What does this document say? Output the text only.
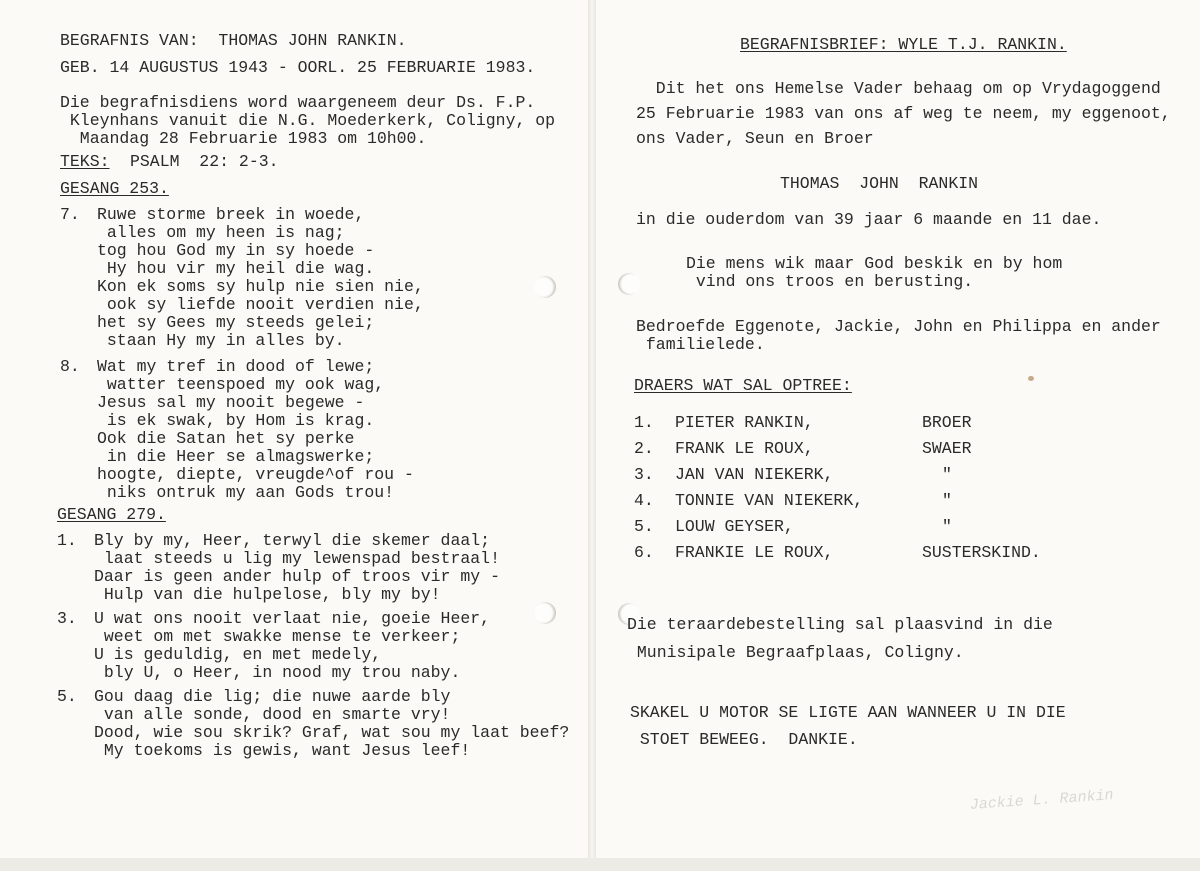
Jackie L. Rankin
BEGRAFNIS VAN:  THOMAS JOHN RANKIN.
GEB. 14 AUGUSTUS 1943 - OORL. 25 FEBRUARIE 1983.
Die begrafnisdiens word waargeneem deur Ds. F.P.
Kleynhans vanuit die N.G. Moederkerk, Coligny, op
Maandag 28 Februarie 1983 om 10h00.
TEKS: PSALM  22: 2-3.
GESANG 253.
7. Ruwe storme breek in woede,
alles om my heen is nag;
tog hou God my in sy hoede -
Hy hou vir my heil die wag.
Kon ek soms sy hulp nie sien nie,
ook sy liefde nooit verdien nie,
het sy Gees my steeds gelei;
staan Hy my in alles by.
8. Wat my tref in dood of lewe;
watter teenspoed my ook wag,
Jesus sal my nooit begewe -
is ek swak, by Hom is krag.
Ook die Satan het sy perke
in die Heer se almagswerke;
hoogte, diepte, vreugde^of rou -
niks ontruk my aan Gods trou!
GESANG 279.
1. Bly by my, Heer, terwyl die skemer daal;
laat steeds u lig my lewenspad bestraal!
Daar is geen ander hulp of troos vir my -
Hulp van die hulpelose, bly my by!
3. U wat ons nooit verlaat nie, goeie Heer,
weet om met swakke mense te verkeer;
U is geduldig, en met medely,
bly U, o Heer, in nood my trou naby.
5. Gou daag die lig; die nuwe aarde bly
van alle sonde, dood en smarte vry!
Dood, wie sou skrik? Graf, wat sou my laat beef?
My toekoms is gewis, want Jesus leef!
BEGRAFNISBRIEF: WYLE T.J. RANKIN.
Dit het ons Hemelse Vader behaag om op Vrydagoggend
25 Februarie 1983 van ons af weg te neem, my eggenoot,
ons Vader, Seun en Broer
THOMAS  JOHN  RANKIN
in die ouderdom van 39 jaar 6 maande en 11 dae.
Die mens wik maar God beskik en by hom
vind ons troos en berusting.
Bedroefde Eggenote, Jackie, John en Philippa en ander
familielede.
DRAERS WAT SAL OPTREE:
1. PIETER RANKIN,	BROER
2. FRANK LE ROUX,	SWAER
3. JAN VAN NIEKERK,	"
4. TONNIE VAN NIEKERK,	"
5. LOUW GEYSER,	"
6. FRANKIE LE ROUX,	SUSTERSKIND.
Die teraardebestelling sal plaasvind in die
Munisipale Begraafplaas, Coligny.
SKAKEL U MOTOR SE LIGTE AAN WANNEER U IN DIE
STOET BEWEEG.  DANKIE.
